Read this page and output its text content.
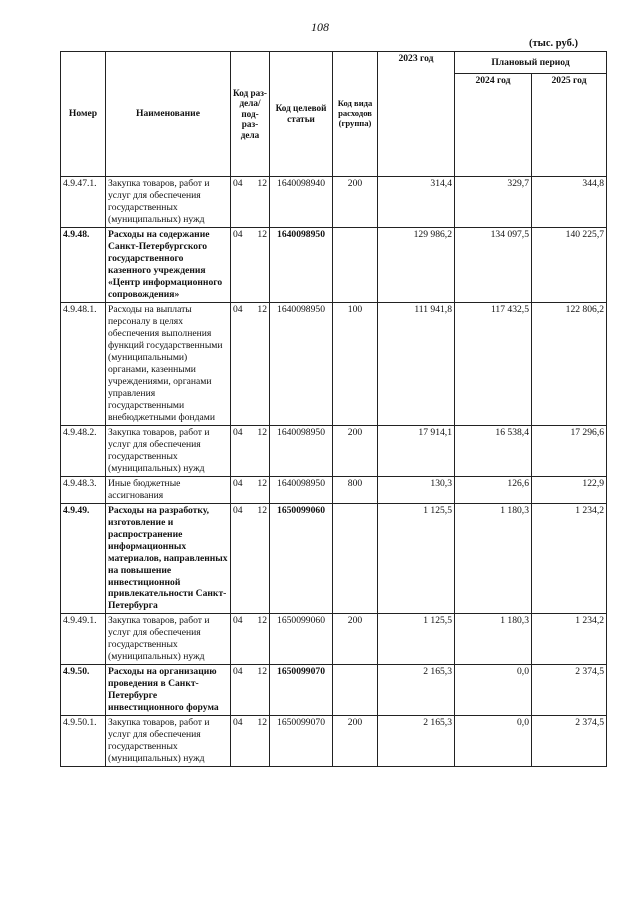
108
(тыс. руб.)
Номер	Наименование	Код раз- дела/ под- раз- дела	Код целевой статьи	Код вида расходов (группа)	2023 год	Плановый период	
						2024 год	2025 год
4.9.47.1.	Закупка товаров, работ и услуг для обеспечения государственных (муниципальных) нужд	04 12	1640098940	200	314,4	329,7	344,8
4.9.48.	Расходы на содержание Санкт-Петербургского государственного казенного учреждения «Центр информационного сопровождения»	04 12	1640098950		129 986,2	134 097,5	140 225,7
4.9.48.1.	Расходы на выплаты персоналу в целях обеспечения выполнения функций государственными (муниципальными) органами, казенными учреждениями, органами управления государственными внебюджетными фондами	04 12	1640098950	100	111 941,8	117 432,5	122 806,2
4.9.48.2.	Закупка товаров, работ и услуг для обеспечения государственных (муниципальных) нужд	04 12	1640098950	200	17 914,1	16 538,4	17 296,6
4.9.48.3.	Иные бюджетные ассигнования	04 12	1640098950	800	130,3	126,6	122,9
4.9.49.	Расходы на разработку, изготовление и распространение информационных материалов, направленных на повышение инвестиционной привлекательности Санкт-Петербурга	04 12	1650099060		1 125,5	1 180,3	1 234,2
4.9.49.1.	Закупка товаров, работ и услуг для обеспечения государственных (муниципальных) нужд	04 12	1650099060	200	1 125,5	1 180,3	1 234,2
4.9.50.	Расходы на организацию проведения в Санкт-Петербурге инвестиционного форума	04 12	1650099070		2 165,3	0,0	2 374,5
4.9.50.1.	Закупка товаров, работ и услуг для обеспечения государственных (муниципальных) нужд	04 12	1650099070	200	2 165,3	0,0	2 374,5
